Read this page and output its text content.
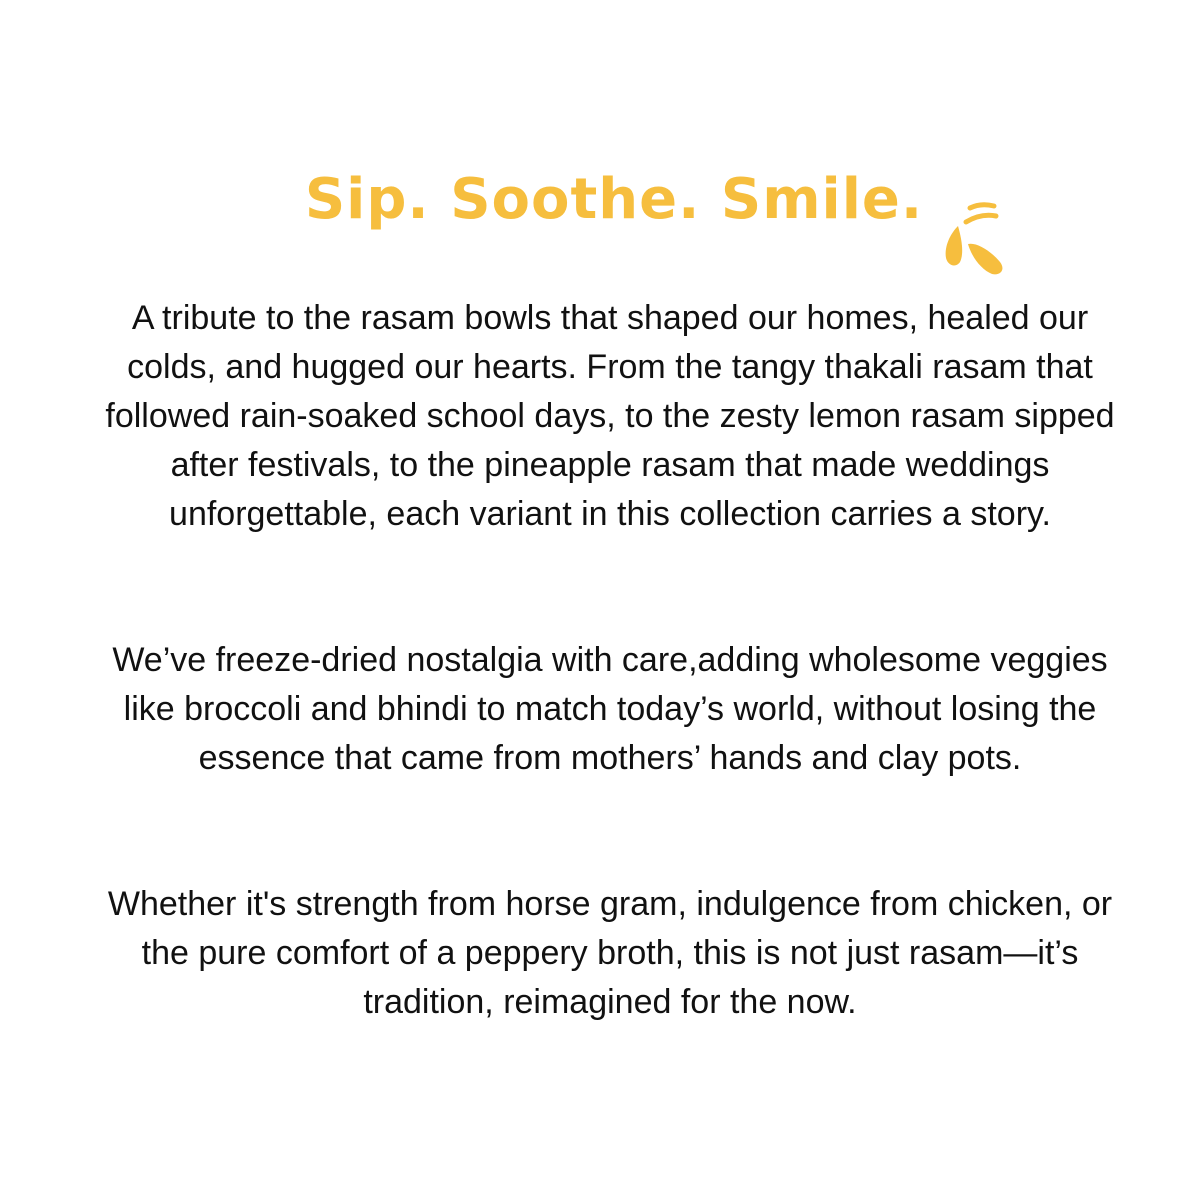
Sip. Soothe. Smile.

A tribute to the rasam bowls that shaped our homes, healed our colds, and hugged our hearts. From the tangy thakali rasam that followed rain-soaked school days, to the zesty lemon rasam sipped after festivals, to the pineapple rasam that made weddings unforgettable, each variant in this collection carries a story.

We’ve freeze-dried nostalgia with care,adding wholesome veggies like broccoli and bhindi to match today’s world, without losing the essence that came from mothers’ hands and clay pots.

Whether it's strength from horse gram, indulgence from chicken, or the pure comfort of a peppery broth, this is not just rasam—it’s tradition, reimagined for the now.
